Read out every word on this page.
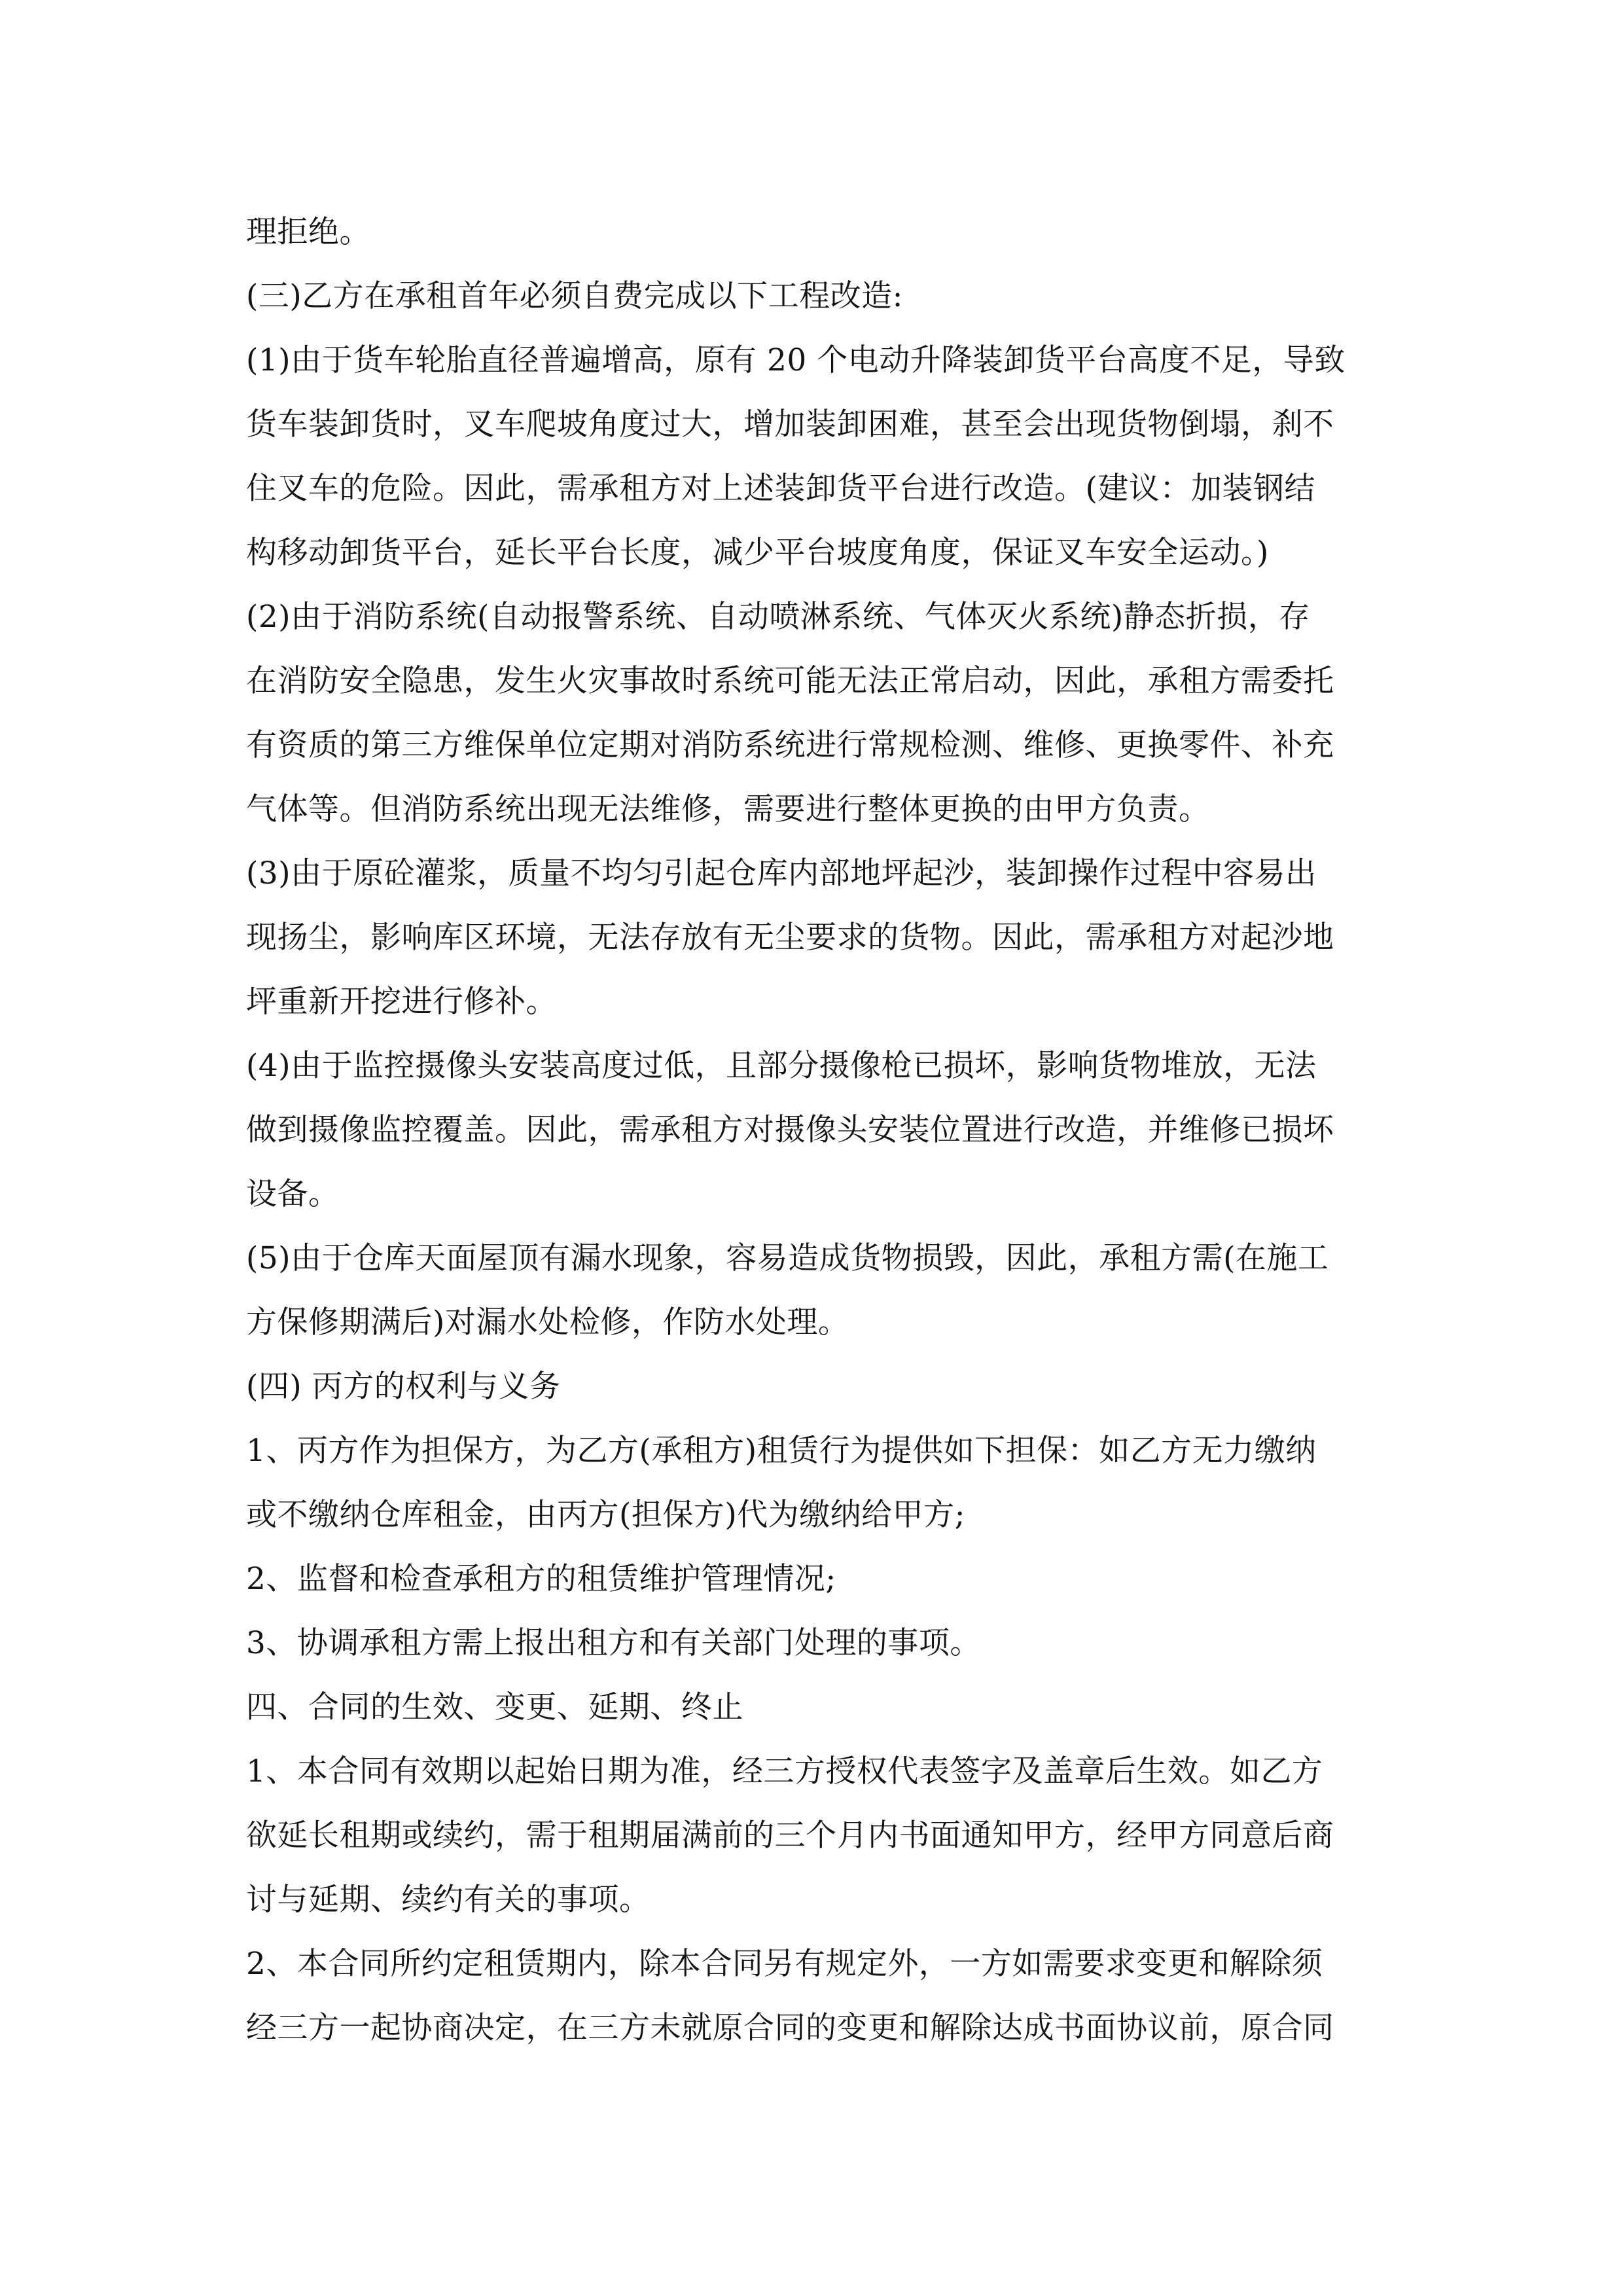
理拒绝。
(三)乙方在承租首年必须自费完成以下工程改造:
(1)由于货车轮胎直径普遍增高，原有 20 个电动升降装卸货平台高度不足，导致
货车装卸货时，叉车爬坡角度过大，增加装卸困难，甚至会出现货物倒塌，刹不
住叉车的危险。因此，需承租方对上述装卸货平台进行改造。(建议：加装钢结
构移动卸货平台，延长平台长度，减少平台坡度角度，保证叉车安全运动。)
(2)由于消防系统(自动报警系统、自动喷淋系统、气体灭火系统)静态折损，存
在消防安全隐患，发生火灾事故时系统可能无法正常启动，因此，承租方需委托
有资质的第三方维保单位定期对消防系统进行常规检测、维修、更换零件、补充
气体等。但消防系统出现无法维修，需要进行整体更换的由甲方负责。
(3)由于原砼灌浆，质量不均匀引起仓库内部地坪起沙，装卸操作过程中容易出
现扬尘，影响库区环境，无法存放有无尘要求的货物。因此，需承租方对起沙地
坪重新开挖进行修补。
(4)由于监控摄像头安装高度过低，且部分摄像枪已损坏，影响货物堆放，无法
做到摄像监控覆盖。因此，需承租方对摄像头安装位置进行改造，并维修已损坏
设备。
(5)由于仓库天面屋顶有漏水现象，容易造成货物损毁，因此，承租方需(在施工
方保修期满后)对漏水处检修，作防水处理。
(四) 丙方的权利与义务
1、丙方作为担保方，为乙方(承租方)租赁行为提供如下担保：如乙方无力缴纳
或不缴纳仓库租金，由丙方(担保方)代为缴纳给甲方;
2、监督和检查承租方的租赁维护管理情况;
3、协调承租方需上报出租方和有关部门处理的事项。
四、合同的生效、变更、延期、终止
1、本合同有效期以起始日期为准，经三方授权代表签字及盖章后生效。如乙方
欲延长租期或续约，需于租期届满前的三个月内书面通知甲方，经甲方同意后商
讨与延期、续约有关的事项。
2、本合同所约定租赁期内，除本合同另有规定外，一方如需要求变更和解除须
经三方一起协商决定，在三方未就原合同的变更和解除达成书面协议前，原合同
